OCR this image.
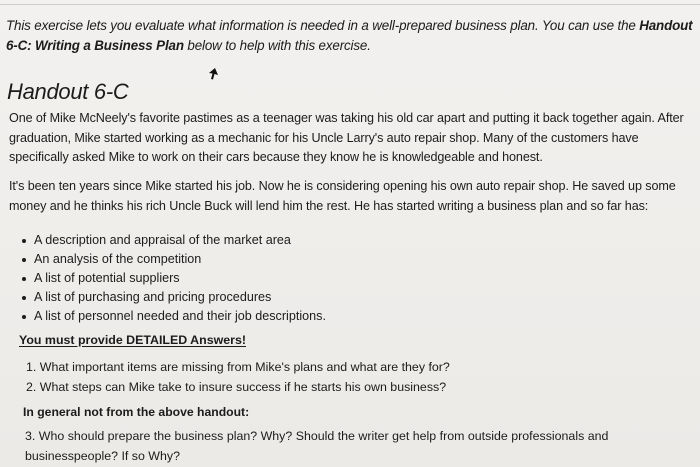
This exercise lets you evaluate what information is needed in a well-prepared business plan. You can use the Handout 6-C: Writing a Business Plan below to help with this exercise.

Handout 6-C

One of Mike McNeely's favorite pastimes as a teenager was taking his old car apart and putting it back together again. After graduation, Mike started working as a mechanic for his Uncle Larry's auto repair shop. Many of the customers have specifically asked Mike to work on their cars because they know he is knowledgeable and honest.

It's been ten years since Mike started his job. Now he is considering opening his own auto repair shop. He saved up some money and he thinks his rich Uncle Buck will lend him the rest. He has started writing a business plan and so far has:

A description and appraisal of the market area
An analysis of the competition
A list of potential suppliers
A list of purchasing and pricing procedures
A list of personnel needed and their job descriptions.

You must provide DETAILED Answers!

1. What important items are missing from Mike's plans and what are they for?
2. What steps can Mike take to insure success if he starts his own business?

In general not from the above handout:

3. Who should prepare the business plan? Why? Should the writer get help from outside professionals and businesspeople? If so Why?
